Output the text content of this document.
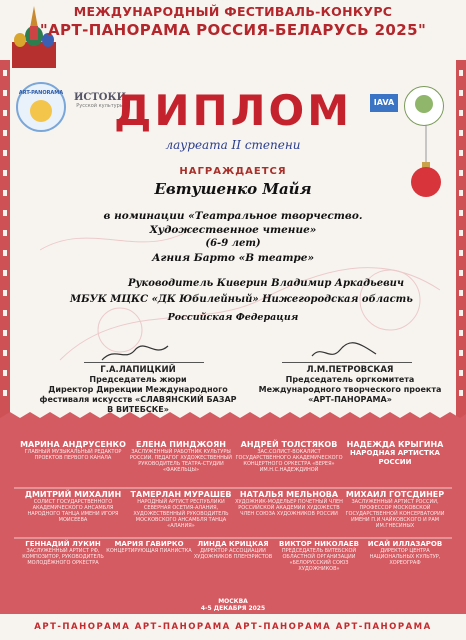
МЕЖДУНАРОДНЫЙ ФЕСТИВАЛЬ-КОНКУРС
"АРТ-ПАНОРАМА РОССИЯ-БЕЛАРУСЬ 2025"
ART-PANORAMA	ИСТОКИ
Русской культуры	IAVA
ДИПЛОМ
лауреата II степени
НАГРАЖДАЕТСЯ
Евтушенко Майя
в номинации «Театральное творчество.
Художественное чтение»
(6-9 лет)
Агния Барто «В театре»
Руководитель Киверин Владимир Аркадьевич
МБУК МЦКС «ДК Юбилейный» Нижегородская область
Российская Федерация
Г.А.ЛАПИЦКИЙ
Председатель жюри
Директор Дирекции Международного
фестиваля искусств «СЛАВЯНСКИЙ БАЗАР
В ВИТЕБСКЕ»
Л.М.ПЕТРОВСКАЯ
Председатель оргкомитета
Международного творческого проекта
«АРТ-ПАНОРАМА»
МАРИНА АНДРУСЕНКО
ГЛАВНЫЙ МУЗЫКАЛЬНЫЙ РЕДАКТОР ПРОЕКТОВ ПЕРВОГО КАНАЛА
ЕЛЕНА ПИНДЖОЯН
ЗАСЛУЖЕННЫЙ РАБОТНИК КУЛЬТУРЫ РОССИИ, ПЕДАГОГ ХУДОЖЕСТВЕННЫЙ РУКОВОДИТЕЛЬ ТЕАТРА-СТУДИИ «ФАКЕЛЬЦЫ»
АНДРЕЙ ТОЛСТЯКОВ
ЗАС.СОЛИСТ-ВОКАЛИСТ ГОСУДАРСТВЕННОГО АКАДЕМИЧЕСКОГО КОНЦЕРТНОГО ОРКЕСТРА «ВЕРЕЯ» ИМ.Н.С.НАДЕЖДИНОЙ
НАДЕЖДА КРЫГИНА
НАРОДНАЯ АРТИСТКА РОССИИ
ДМИТРИЙ МИХАЛИН
СОЛИСТ ГОСУДАРСТВЕННОГО АКАДЕМИЧЕСКОГО АНСАМБЛЯ НАРОДНОГО ТАНЦА ИМЕНИ ИГОРЯ МОИСЕЕВА
ТАМЕРЛАН МУРАШЕВ
НАРОДНЫЙ АРТИСТ РЕСПУБЛИКИ СЕВЕРНАЯ ОСЕТИЯ-АЛАНИЯ, ХУДОЖЕСТВЕННЫЙ РУКОВОДИТЕЛЬ МОСКОВСКОГО АНСАМБЛЯ ТАНЦА «АЛАНИЯ»
НАТАЛЬЯ МЕЛЬНОВА
ХУДОЖНИК-МОДЕЛЬЕР ПОЧЕТНЫЙ ЧЛЕН РОССИЙСКОЙ АКАДЕМИИ ХУДОЖЕСТВ ЧЛЕН СОЮЗА ХУДОЖНИКОВ РОССИИ
МИХАИЛ ГОТСДИНЕР
ЗАСЛУЖЕННЫЙ АРТИСТ РОССИИ, ПРОФЕССОР МОСКОВСКОЙ ГОСУДАРСТВЕННОЙ КОНСЕРВАТОРИИ ИМЕНИ П.И.ЧАЙКОВСКОГО И РАМ ИМ.ГНЕСИНЫХ
ГЕННАДИЙ ЛУКИН
ЗАСЛУЖЕННЫЙ АРТИСТ РФ, КОМПОЗИТОР, РУКОВОДИТЕЛЬ МОЛОДЁЖНОГО ОРКЕСТРА
МАРИЯ ГАВИРКО
КОНЦЕРТИРУЮЩАЯ ПИАНИСТКА
ЛИНДА КРИЦКАЯ
ДИРЕКТОР АССОЦИАЦИИ ХУДОЖНИКОВ ПЛЕНЭРИСТОВ
ВИКТОР НИКОЛАЕВ
ПРЕДСЕДАТЕЛЬ ВИТЕБСКОЙ ОБЛАСТНОЙ ОРГАНИЗАЦИИ «БЕЛОРУССКИЙ СОЮЗ ХУДОЖНИКОВ»
ИСАЙ ИЛЛАЗАРОВ
ДИРЕКТОР ЦЕНТРА НАЦИОНАЛЬНЫХ КУЛЬТУР, ХОРЕОГРАФ
МОСКВА
4-5 ДЕКАБРЯ 2025
АРТ-ПАНОРАМА АРТ-ПАНОРАМА АРТ-ПАНОРАМА АРТ-ПАНОРАМА
